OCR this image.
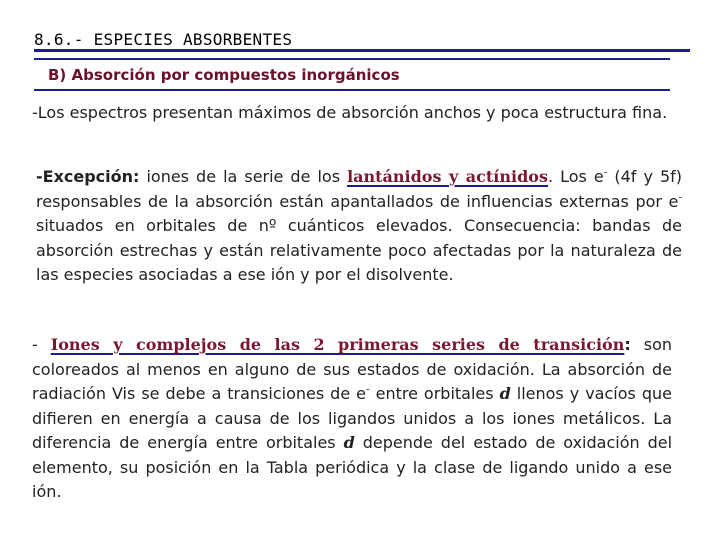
8.6.- ESPECIES ABSORBENTES
B) Absorción por compuestos inorgánicos

-Los espectros presentan máximos de absorción anchos y poca estructura fina.

-Excepción: iones de la serie de los lantánidos y actínidos. Los e- (4f y 5f) responsables de la absorción están apantallados de influencias externas por e- situados en orbitales de nº cuánticos elevados. Consecuencia: bandas de absorción estrechas y están relativamente poco afectadas por la naturaleza de las especies asociadas a ese ión y por el disolvente.

- Iones y complejos de las 2 primeras series de transición: son coloreados al menos en alguno de sus estados de oxidación. La absorción de radiación Vis se debe a transiciones de e- entre orbitales d llenos y vacíos que difieren en energía a causa de los ligandos unidos a los iones metálicos. La diferencia de energía entre orbitales d depende del estado de oxidación del elemento, su posición en la Tabla periódica y la clase de ligando unido a ese ión.
